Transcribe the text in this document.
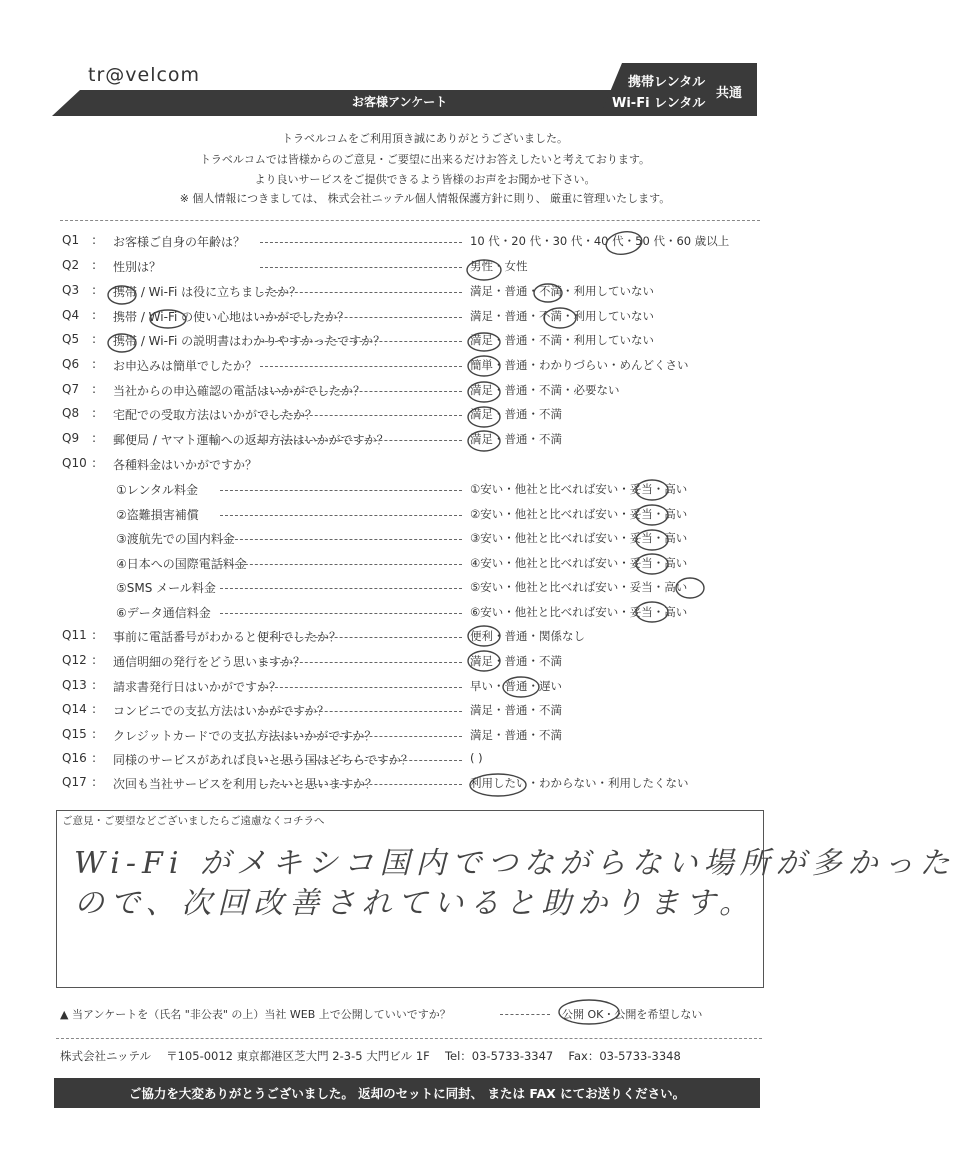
tr@velcom
お客様アンケート
携帯レンタル
Wi-Fi レンタル
共通
トラベルコムをご利用頂き誠にありがとうございました。
トラベルコムでは皆様からのご意見・ご要望に出来るだけお答えしたいと考えております。
より良いサービスをご提供できるよう皆様のお声をお聞かせ下さい。
※ 個人情報につきましては、 株式会社ニッテル個人情報保護方針に則り、 厳重に管理いたします。
Q1 : お客様ご自身の年齢は？	10 代・20 代・30 代・40 代・50 代・60 歳以上
Q2 : 性別は？	男性・女性
Q3 : 携帯 / Wi-Fi は役に立ちましたか？	満足・普通・不満・利用していない
Q4 : 携帯 / Wi-Fi の使い心地はいかがでしたか？	満足・普通・不満・利用していない
Q5 : 携帯 / Wi-Fi の説明書はわかりやすかったですか？	満足・普通・不満・利用していない
Q6 : お申込みは簡単でしたか？	簡単・普通・わかりづらい・めんどくさい
Q7 : 当社からの申込確認の電話はいかがでしたか？	満足・普通・不満・必要ない
Q8 : 宅配での受取方法はいかがでしたか？	満足・普通・不満
Q9 : 郵便局 / ヤマト運輸への返却方法はいかがですか？	満足・普通・不満
Q10 : 各種料金はいかがですか？
①レンタル料金	①安い・他社と比べれば安い・妥当・高い
②盗難損害補償	②安い・他社と比べれば安い・妥当・高い
③渡航先での国内料金	③安い・他社と比べれば安い・妥当・高い
④日本への国際電話料金	④安い・他社と比べれば安い・妥当・高い
⑤SMS メール料金	⑤安い・他社と比べれば安い・妥当・高い
⑥データ通信料金	⑥安い・他社と比べれば安い・妥当・高い
Q11 : 事前に電話番号がわかると便利でしたか？	便利・普通・関係なし
Q12 : 通信明細の発行をどう思いますか？	満足・普通・不満
Q13 : 請求書発行日はいかがですか？	早い・普通・遅い
Q14 : コンビニでの支払方法はいかがですか？	満足・普通・不満
Q15 : クレジットカードでの支払方法はいかがですか？	満足・普通・不満
Q16 : 同様のサービスがあれば良いと思う国はどちらですか？	( )
Q17 : 次回も当社サービスを利用したいと思いますか？	利用したい・わからない・利用したくない
ご意見・ご要望などございましたらご遠慮なくコチラへ
Wi-Fi がメキシコ国内でつながらない場所が多かった
ので、次回改善されていると助かります。
▲ 当アンケートを（氏名 "非公表" の上）当社 WEB 上で公開していいですか？	公開 OK・公開を希望しない
株式会社ニッテル　 〒105-0012 東京都港区芝大門 2-3-5 大門ビル 1F　 Tel：03-5733-3347　 Fax：03-5733-3348
ご協力を大変ありがとうございました。 返却のセットに同封、 または FAX にてお送りください。
